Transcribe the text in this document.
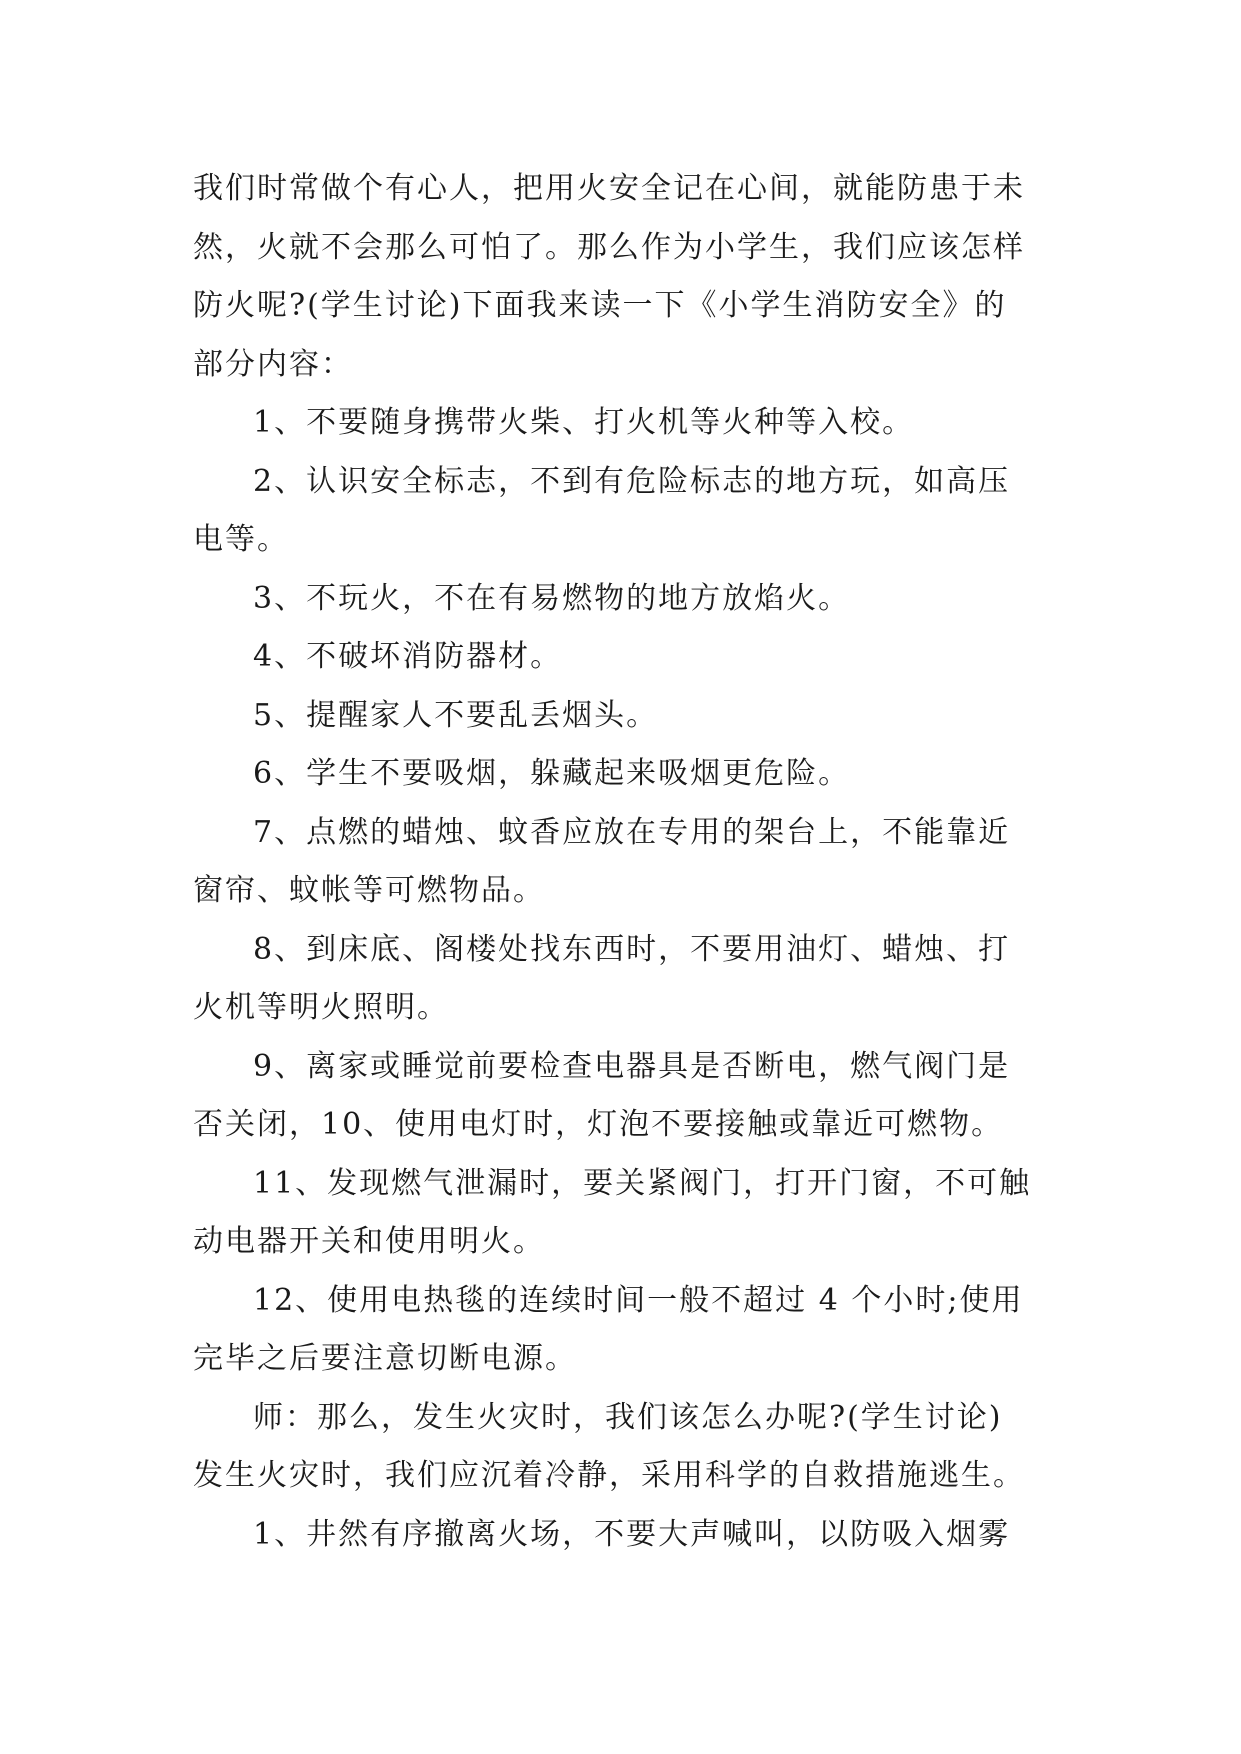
我们时常做个有心人，把用火安全记在心间，就能防患于未

然，火就不会那么可怕了。那么作为小学生，我们应该怎样

防火呢?(学生讨论)下面我来读一下《小学生消防安全》的

部分内容：

1、不要随身携带火柴、打火机等火种等入校。

2、认识安全标志，不到有危险标志的地方玩，如高压

电等。

3、不玩火，不在有易燃物的地方放焰火。

4、不破坏消防器材。

5、提醒家人不要乱丢烟头。

6、学生不要吸烟，躲藏起来吸烟更危险。

7、点燃的蜡烛、蚊香应放在专用的架台上，不能靠近

窗帘、蚊帐等可燃物品。

8、到床底、阁楼处找东西时，不要用油灯、蜡烛、打

火机等明火照明。

9、离家或睡觉前要检查电器具是否断电，燃气阀门是

否关闭，10、使用电灯时，灯泡不要接触或靠近可燃物。

11、发现燃气泄漏时，要关紧阀门，打开门窗，不可触

动电器开关和使用明火。

12、使用电热毯的连续时间一般不超过 4 个小时;使用

完毕之后要注意切断电源。

师：那么，发生火灾时，我们该怎么办呢?(学生讨论)

发生火灾时，我们应沉着冷静，采用科学的自救措施逃生。

1、井然有序撤离火场，不要大声喊叫，以防吸入烟雾
